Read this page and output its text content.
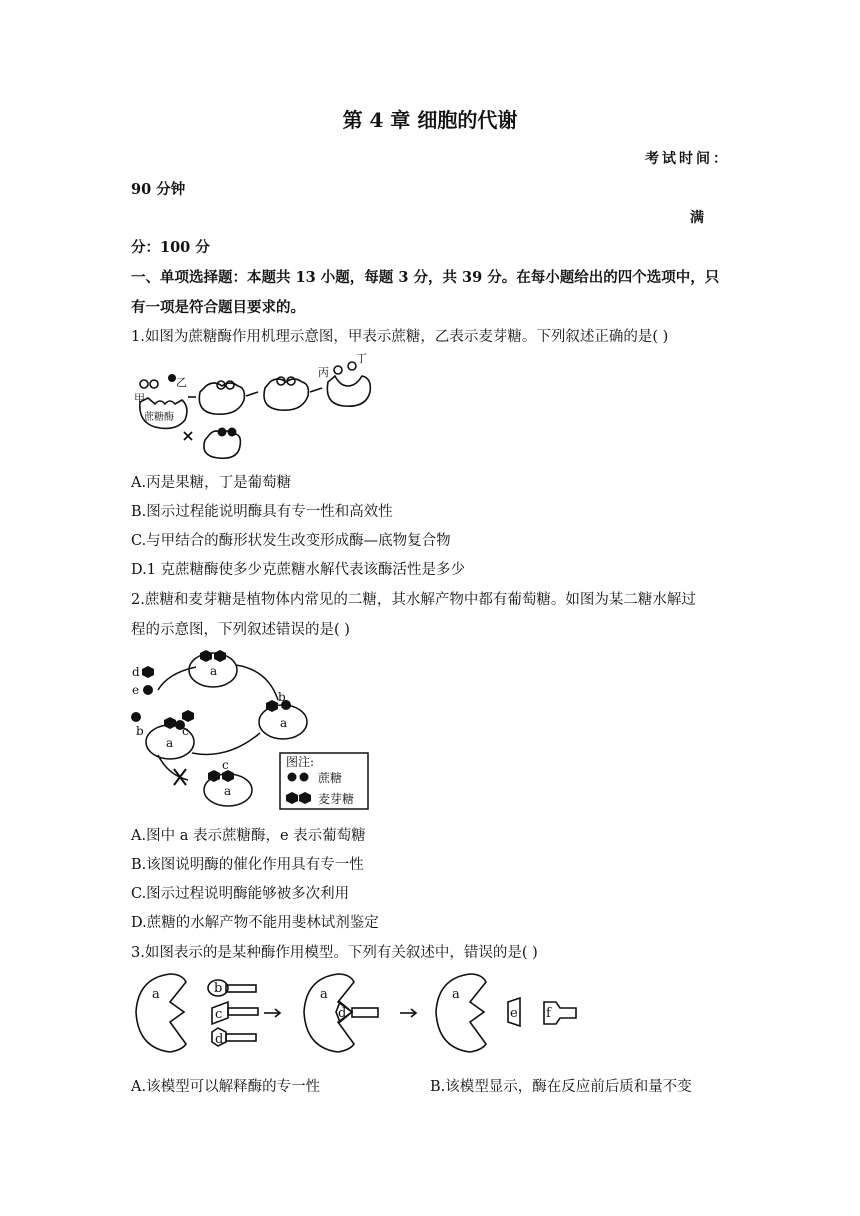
第 4 章 细胞的代谢
考试时间：
90 分钟
满
分：100 分
一、单项选择题：本题共 13 小题，每题 3 分，共 39 分。在每小题给出的四个选项中，只
有一项是符合题目要求的。
1.如图为蔗糖酶作用机理示意图，甲表示蔗糖，乙表示麦芽糖。下列叙述正确的是( )
甲
乙
蔗糖酶
丙
丁
A.丙是果糖，丁是葡萄糖
B.图示过程能说明酶具有专一性和高效性
C.与甲结合的酶形状发生改变形成酶—底物复合物
D.1 克蔗糖酶使多少克蔗糖水解代表该酶活性是多少
2.蔗糖和麦芽糖是植物体内常见的二糖，其水解产物中都有葡萄糖。如图为某二糖水解过
程的示意图，下列叙述错误的是( )
a
a
a
a
b
b	c
c
d
e
图注:
蔗糖
麦芽糖
A.图中 a 表示蔗糖酶，e 表示葡萄糖
B.该图说明酶的催化作用具有专一性
C.图示过程说明酶能够被多次利用
D.蔗糖的水解产物不能用斐林试剂鉴定
3.如图表示的是某种酶作用模型。下列有关叙述中，错误的是( )
a	b
c
d
a
d
a
e f
A.该模型可以解释酶的专一性	B.该模型显示，酶在反应前后质和量不变
